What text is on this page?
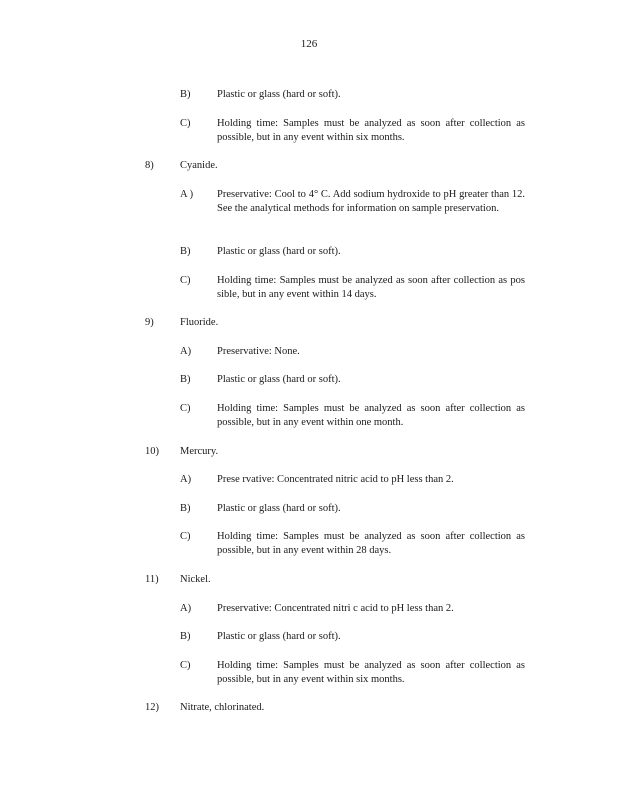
126
B)	Plastic or glass (hard or soft).
C)	Holding time: Samples must be analyzed as soon after collection as possible, but in any event within six months.
8)	Cyanide.
A )	Preservative: Cool to 4° C. Add sodium hydroxide to pH greater than 12. See the analytical methods for information on sample preservation.
B)	Plastic or glass (hard or soft).
C)	Holding time: Samples must be analyzed as soon after collection as pos sible, but in any event within 14 days.
9)	Fluoride.
A)	Preservative: None.
B)	Plastic or glass (hard or soft).
C)	Holding time: Samples must be analyzed as soon after collection as possible, but in any event within one month.
10)	Mercury.
A)	Prese rvative: Concentrated nitric acid to pH less than 2.
B)	Plastic or glass (hard or soft).
C)	Holding time: Samples must be analyzed as soon after collection as possible, but in any event within 28 days.
11)	Nickel.
A)	Preservative: Concentrated nitri c acid to pH less than 2.
B)	Plastic or glass (hard or soft).
C)	Holding time: Samples must be analyzed as soon after collection as possible, but in any event within six months.
12)	Nitrate, chlorinated.
